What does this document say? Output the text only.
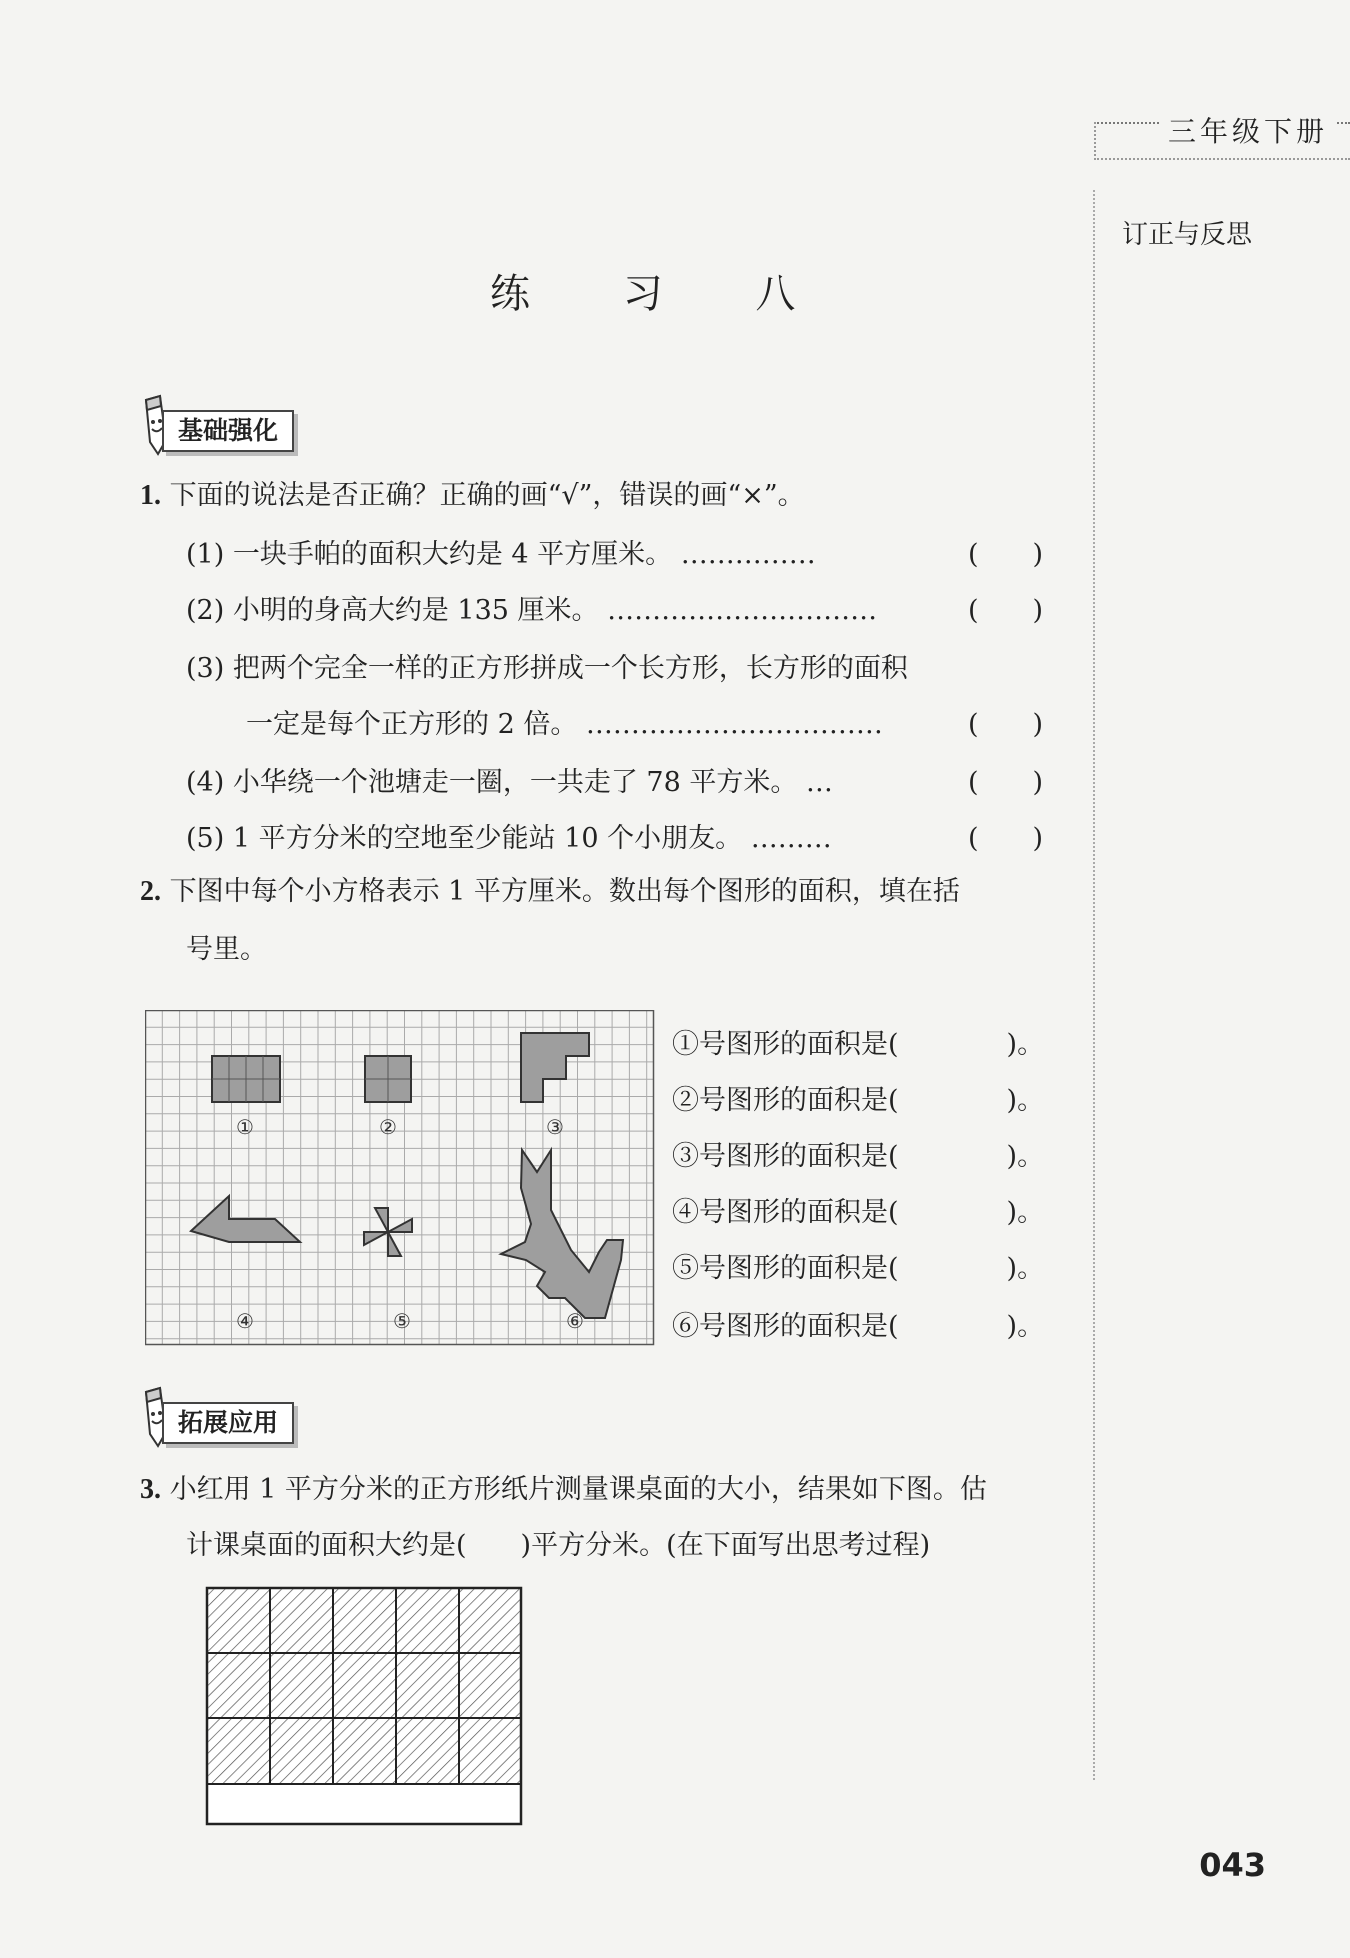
三年级下册
订正与反思
练 习 八
基础强化
1. 下面的说法是否正确？正确的画“√”，错误的画“×”。
(1) 一块手帕的面积大约是 4 平方厘米。 ……………	(　　)
(2) 小明的身高大约是 135 厘米。 …………………………	(　　)
(3) 把两个完全一样的正方形拼成一个长方形，长方形的面积
一定是每个正方形的 2 倍。 ……………………………	(　　)
(4) 小华绕一个池塘走一圈，一共走了 78 平方米。 …	(　　)
(5) 1 平方分米的空地至少能站 10 个小朋友。 ………	(　　)
2. 下图中每个小方格表示 1 平方厘米。数出每个图形的面积，填在括
号里。
①	②	③
④	⑤	⑥
①号图形的面积是(　　　　)。
②号图形的面积是(　　　　)。
③号图形的面积是(　　　　)。
④号图形的面积是(　　　　)。
⑤号图形的面积是(　　　　)。
⑥号图形的面积是(　　　　)。
拓展应用
3. 小红用 1 平方分米的正方形纸片测量课桌面的大小，结果如下图。估
计课桌面的面积大约是(　　)平方分米。(在下面写出思考过程)
043
